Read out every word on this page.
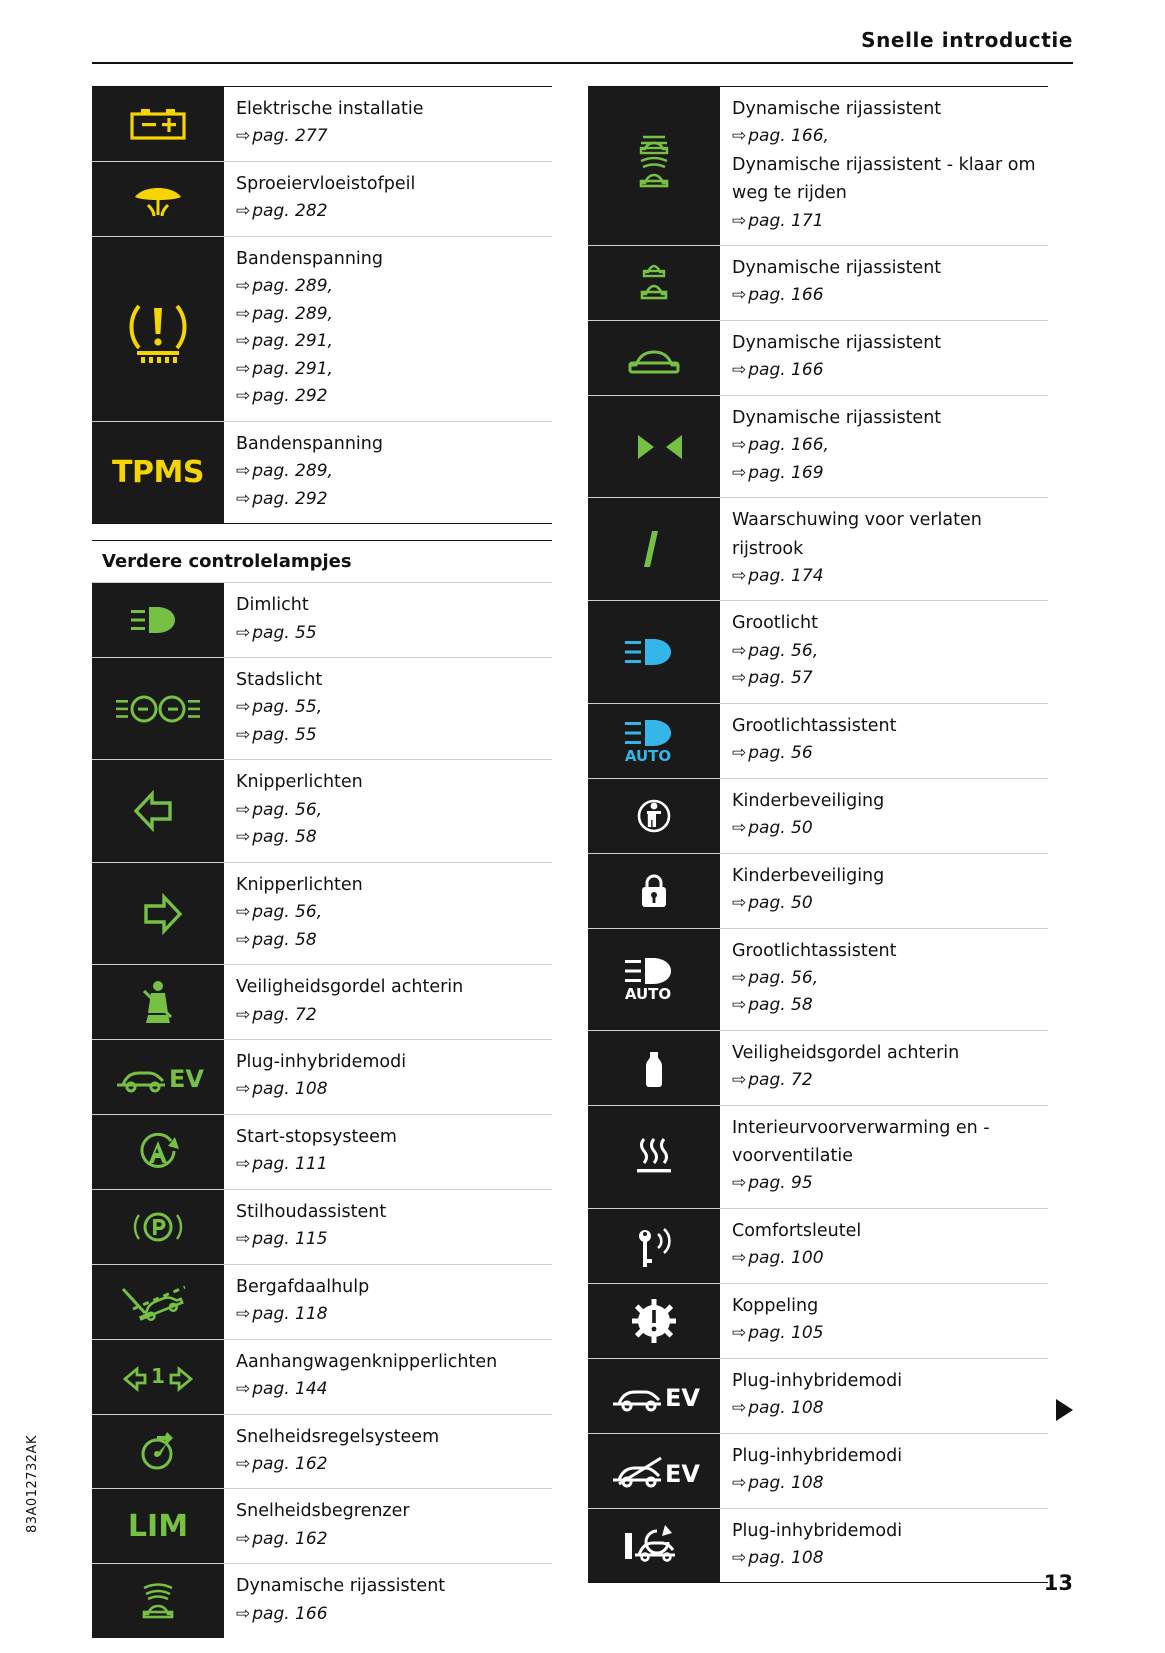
Snelle introductie
83A012732AK
13
Elektrische installatie
⇨ pag. 277
Sproeiervloeistofpeil
⇨ pag. 282
Bandenspanning
⇨ pag. 289,
⇨ pag. 289,
⇨ pag. 291,
⇨ pag. 291,
⇨ pag. 292
TPMS
Bandenspanning
⇨ pag. 289,
⇨ pag. 292
Verdere controlelampjes
Dimlicht
⇨ pag. 55
Stadslicht
⇨ pag. 55,
⇨ pag. 55
Knipperlichten
⇨ pag. 56,
⇨ pag. 58
Knipperlichten
⇨ pag. 56,
⇨ pag. 58
Veiligheidsgordel achterin
⇨ pag. 72
EV
Plug-inhybridemodi
⇨ pag. 108
Start-stopsysteem
⇨ pag. 111
Stilhoudassistent
⇨ pag. 115
Bergafdaalhulp
⇨ pag. 118
1
Aanhangwagenknipperlichten
⇨ pag. 144
Snelheidsregelsysteem
⇨ pag. 162
LIM	Snelheidsbegrenzer
⇨ pag. 162
Dynamische rijassistent
⇨ pag. 166
Dynamische rijassistent
⇨ pag. 166,
Dynamische rijassistent - klaar om weg te rijden
⇨ pag. 171
Dynamische rijassistent
⇨ pag. 166
Dynamische rijassistent
⇨ pag. 166
Dynamische rijassistent
⇨ pag. 166,
⇨ pag. 169
Waarschuwing voor verlaten rijstrook
⇨ pag. 174
Grootlicht
⇨ pag. 56,
⇨ pag. 57
AUTO
Grootlichtassistent
⇨ pag. 56
Kinderbeveiliging
⇨ pag. 50
Kinderbeveiliging
⇨ pag. 50
AUTO
Grootlichtassistent
⇨ pag. 56,
⇨ pag. 58
Veiligheidsgordel achterin
⇨ pag. 72
Interieurvoorverwarming en -voorventilatie
⇨ pag. 95
Comfortsleutel
⇨ pag. 100
Koppeling
⇨ pag. 105
EV
Plug-inhybridemodi
⇨ pag. 108
EV
Plug-inhybridemodi
⇨ pag. 108
Plug-inhybridemodi
⇨ pag. 108
